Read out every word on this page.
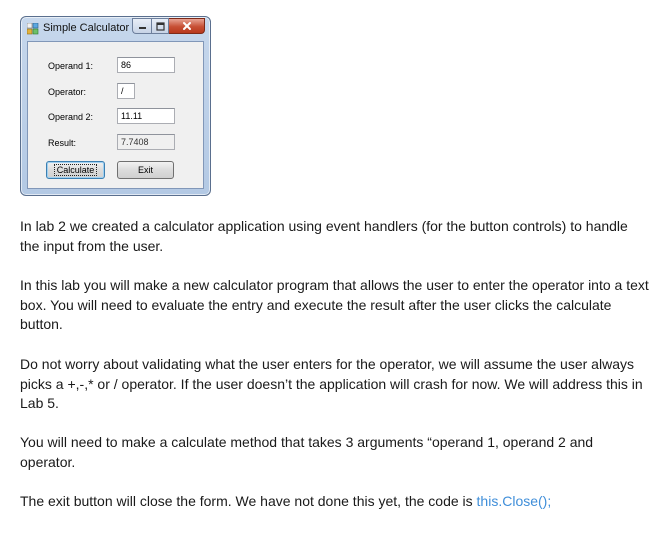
Simple Calculator
Operand 1:	86
Operator:	/
Operand 2:	11.11
Result:	7.7408
Calculate	Exit

In lab 2 we created a calculator application using event handlers (for the button controls) to handle the input from the user.

In this lab you will make a new calculator program that allows the user to enter the operator into a text box. You will need to evaluate the entry and execute the result after the user clicks the calculate button.

Do not worry about validating what the user enters for the operator, we will assume the user always picks a +,-,* or / operator. If the user doesn’t the application will crash for now. We will address this in Lab 5.

You will need to make a calculate method that takes 3 arguments “operand 1, operand 2 and operator.

The exit button will close the form. We have not done this yet, the code is this.Close();
